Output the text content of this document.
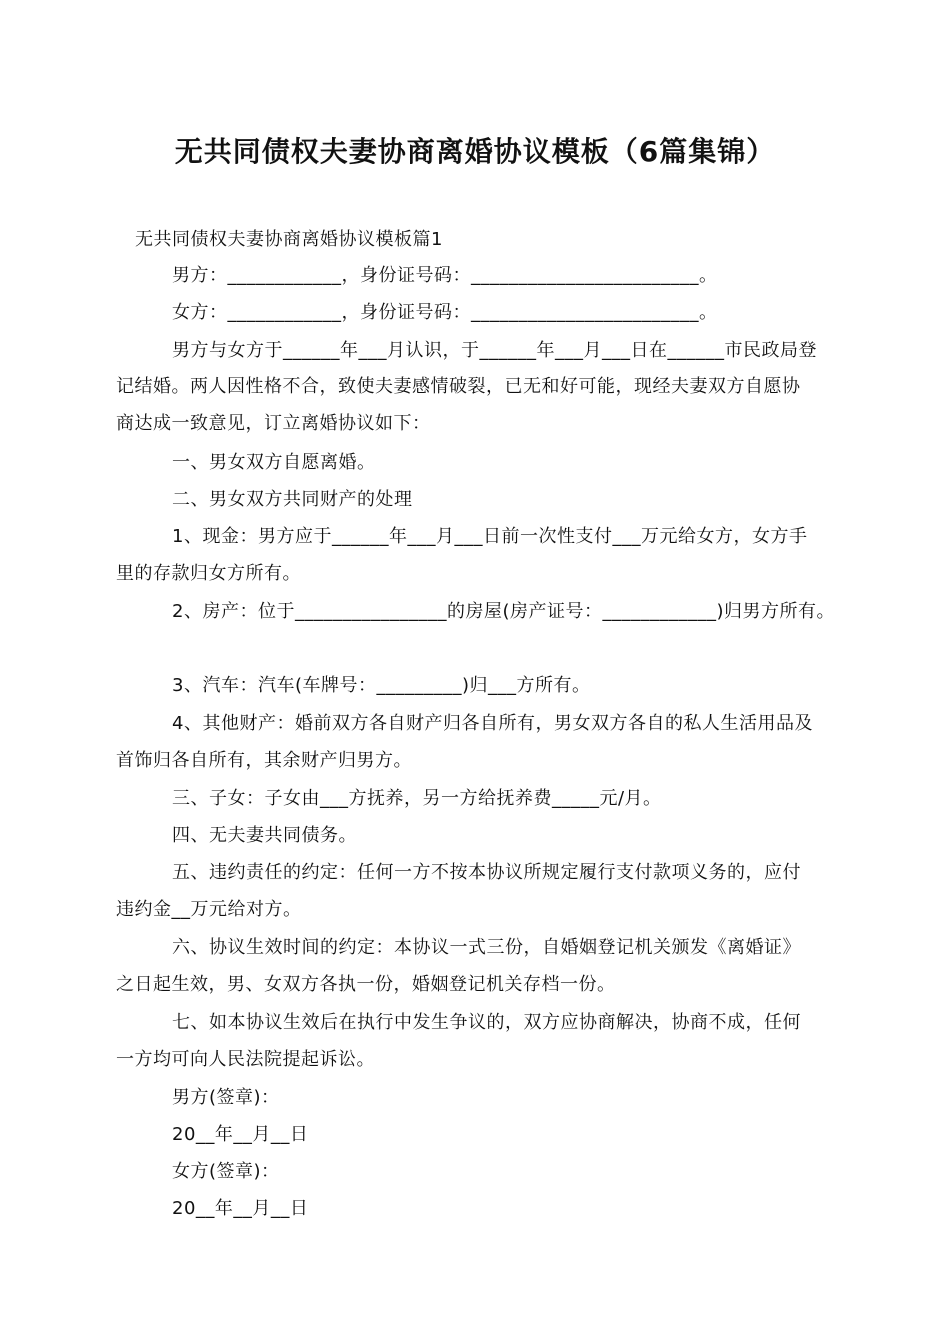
无共同债权夫妻协商离婚协议模板（6篇集锦）
无共同债权夫妻协商离婚协议模板篇1
男方：____________，身份证号码：________________________。
女方：____________，身份证号码：________________________。
男方与女方于______年___月认识，于______年___月___日在______市民政局登
记结婚。两人因性格不合，致使夫妻感情破裂，已无和好可能，现经夫妻双方自愿协
商达成一致意见，订立离婚协议如下：
一、男女双方自愿离婚。
二、男女双方共同财产的处理
1、现金：男方应于______年___月___日前一次性支付___万元给女方，女方手
里的存款归女方所有。
2、房产：位于________________的房屋(房产证号：____________)归男方所有。
3、汽车：汽车(车牌号：_________)归___方所有。
4、其他财产：婚前双方各自财产归各自所有，男女双方各自的私人生活用品及
首饰归各自所有，其余财产归男方。
三、子女：子女由___方抚养，另一方给抚养费_____元/月。
四、无夫妻共同债务。
五、违约责任的约定：任何一方不按本协议所规定履行支付款项义务的，应付
违约金__万元给对方。
六、协议生效时间的约定：本协议一式三份，自婚姻登记机关颁发《离婚证》
之日起生效，男、女双方各执一份，婚姻登记机关存档一份。
七、如本协议生效后在执行中发生争议的，双方应协商解决，协商不成，任何
一方均可向人民法院提起诉讼。
男方(签章)：
20__年__月__日
女方(签章)：
20__年__月__日
